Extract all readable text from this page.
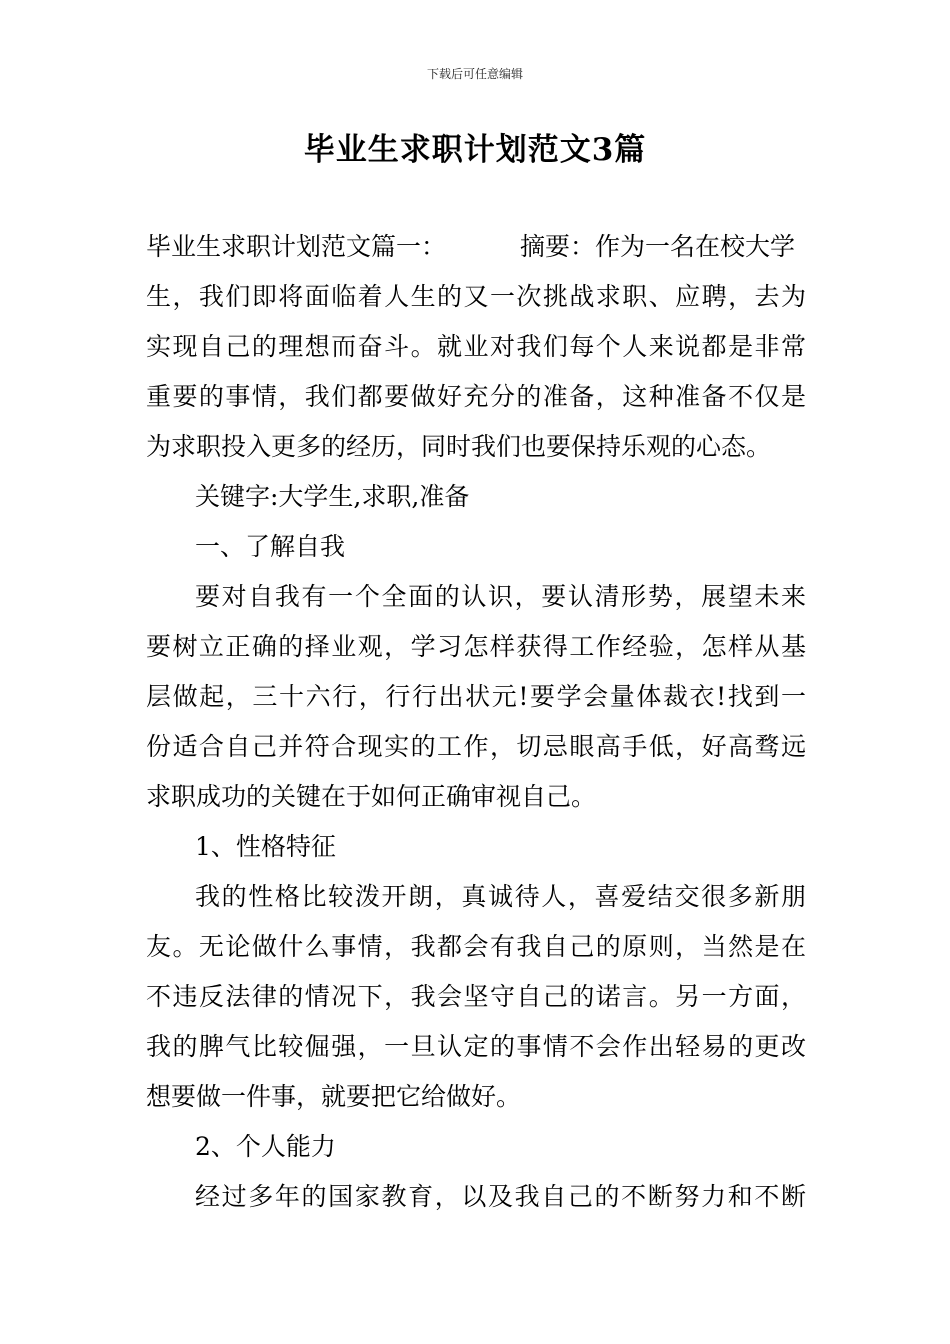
下载后可任意编辑
毕业生求职计划范文3篇
毕业生求职计划范文篇一：	摘要：作为一名在校大学
生，我们即将面临着人生的又一次挑战求职、应聘，去为
实现自己的理想而奋斗。就业对我们每个人来说都是非常
重要的事情，我们都要做好充分的准备，这种准备不仅是
为求职投入更多的经历，同时我们也要保持乐观的心态。
关键字:大学生,求职,准备
一、了解自我
要对自我有一个全面的认识，要认清形势，展望未来
要树立正确的择业观，学习怎样获得工作经验，怎样从基
层做起，三十六行，行行出状元!要学会量体裁衣!找到一
份适合自己并符合现实的工作，切忌眼高手低，好高骛远
求职成功的关键在于如何正确审视自己。
1、性格特征
我的性格比较泼开朗，真诚待人，喜爱结交很多新朋
友。无论做什么事情，我都会有我自己的原则，当然是在
不违反法律的情况下，我会坚守自己的诺言。另一方面，
我的脾气比较倔强，一旦认定的事情不会作出轻易的更改
想要做一件事，就要把它给做好。
2、个人能力
经过多年的国家教育，以及我自己的不断努力和不断
